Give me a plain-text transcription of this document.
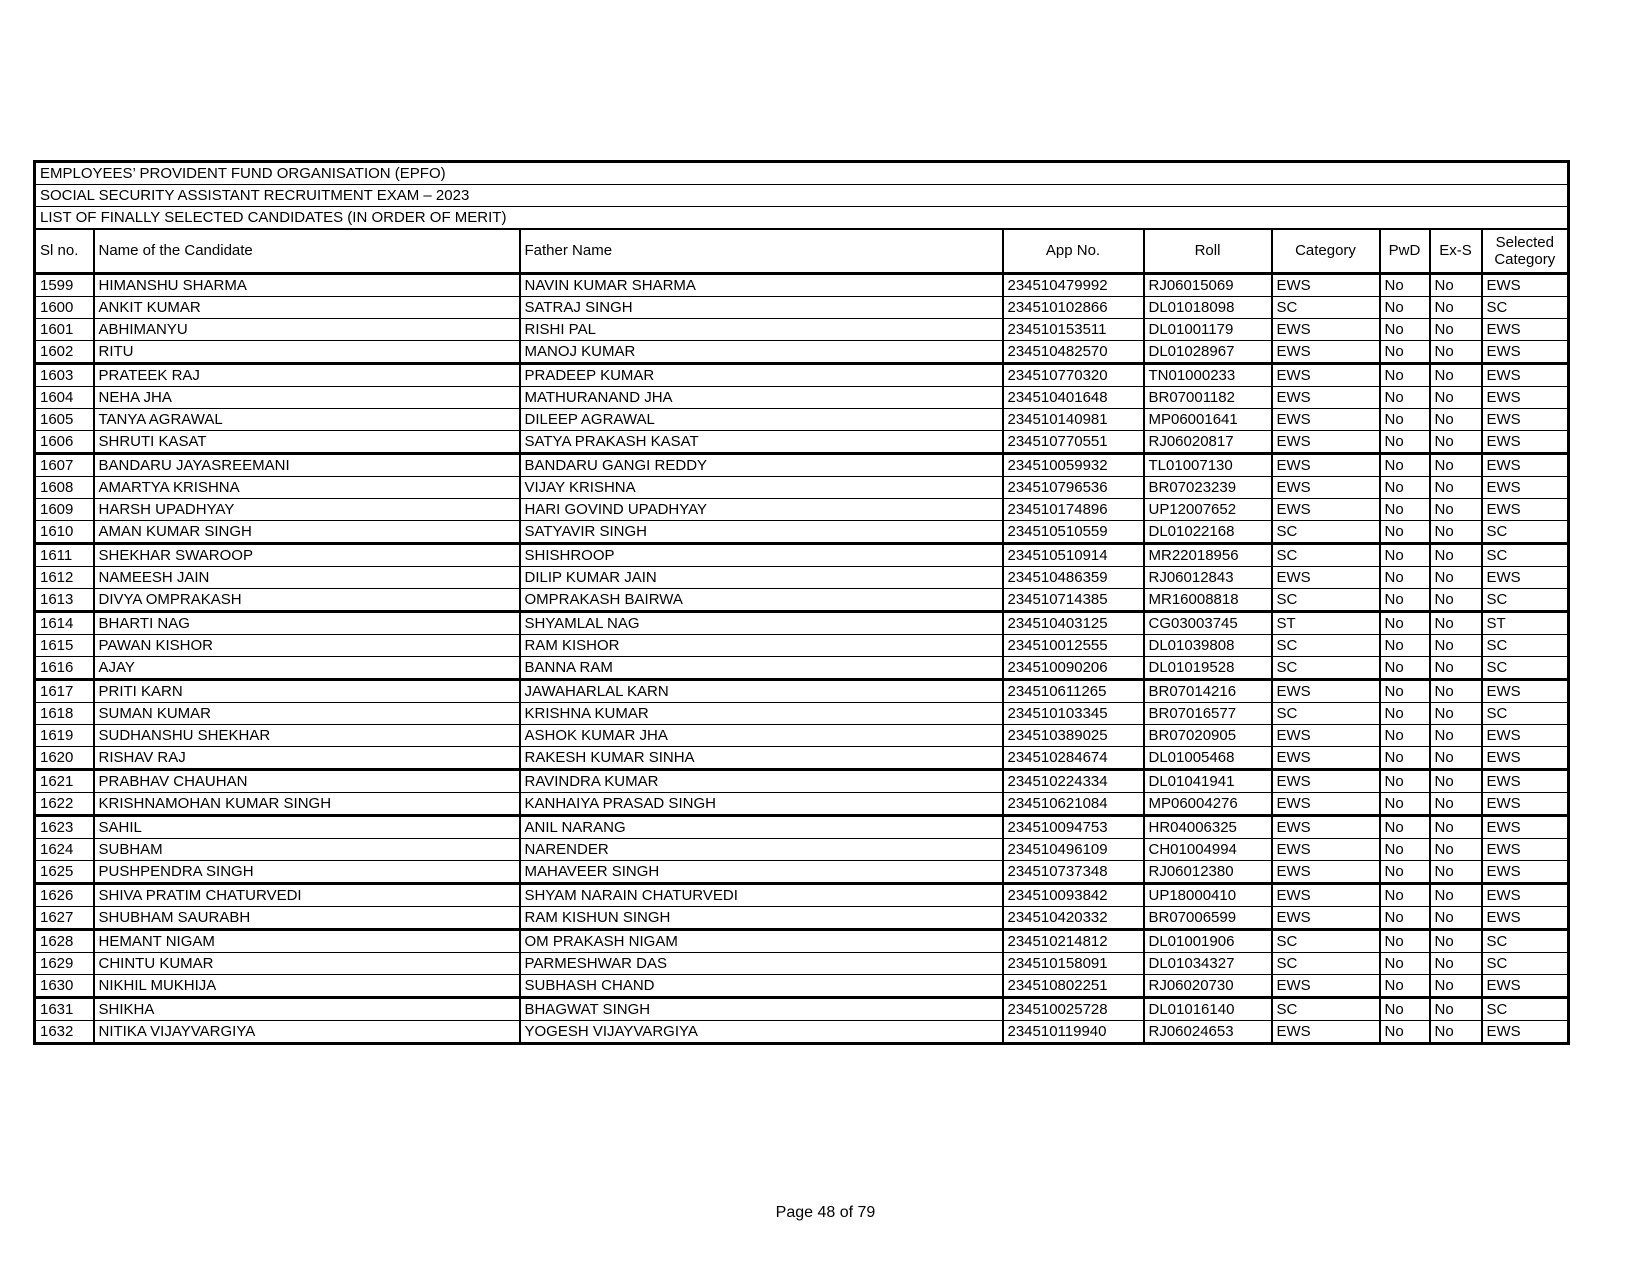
EMPLOYEES’ PROVIDENT FUND ORGANISATION (EPFO)								
SOCIAL SECURITY ASSISTANT RECRUITMENT EXAM – 2023								
LIST OF FINALLY SELECTED CANDIDATES (IN ORDER OF MERIT)								
Sl no.	Name of the Candidate	Father Name	App No.	Roll	Category	PwD	Ex-S	Selected Category
1599	HIMANSHU SHARMA	NAVIN KUMAR SHARMA	234510479992	RJ06015069	EWS	No	No	EWS
1600	ANKIT KUMAR	SATRAJ SINGH	234510102866	DL01018098	SC	No	No	SC
1601	ABHIMANYU	RISHI PAL	234510153511	DL01001179	EWS	No	No	EWS
1602	RITU	MANOJ KUMAR	234510482570	DL01028967	EWS	No	No	EWS
1603	PRATEEK RAJ	PRADEEP KUMAR	234510770320	TN01000233	EWS	No	No	EWS
1604	NEHA JHA	MATHURANAND JHA	234510401648	BR07001182	EWS	No	No	EWS
1605	TANYA AGRAWAL	DILEEP AGRAWAL	234510140981	MP06001641	EWS	No	No	EWS
1606	SHRUTI KASAT	SATYA PRAKASH KASAT	234510770551	RJ06020817	EWS	No	No	EWS
1607	BANDARU JAYASREEMANI	BANDARU GANGI REDDY	234510059932	TL01007130	EWS	No	No	EWS
1608	AMARTYA KRISHNA	VIJAY KRISHNA	234510796536	BR07023239	EWS	No	No	EWS
1609	HARSH UPADHYAY	HARI GOVIND UPADHYAY	234510174896	UP12007652	EWS	No	No	EWS
1610	AMAN KUMAR SINGH	SATYAVIR SINGH	234510510559	DL01022168	SC	No	No	SC
1611	SHEKHAR SWAROOP	SHISHROOP	234510510914	MR22018956	SC	No	No	SC
1612	NAMEESH JAIN	DILIP KUMAR JAIN	234510486359	RJ06012843	EWS	No	No	EWS
1613	DIVYA OMPRAKASH	OMPRAKASH BAIRWA	234510714385	MR16008818	SC	No	No	SC
1614	BHARTI NAG	SHYAMLAL NAG	234510403125	CG03003745	ST	No	No	ST
1615	PAWAN KISHOR	RAM KISHOR	234510012555	DL01039808	SC	No	No	SC
1616	AJAY	BANNA RAM	234510090206	DL01019528	SC	No	No	SC
1617	PRITI KARN	JAWAHARLAL KARN	234510611265	BR07014216	EWS	No	No	EWS
1618	SUMAN KUMAR	KRISHNA KUMAR	234510103345	BR07016577	SC	No	No	SC
1619	SUDHANSHU SHEKHAR	ASHOK KUMAR JHA	234510389025	BR07020905	EWS	No	No	EWS
1620	RISHAV RAJ	RAKESH KUMAR SINHA	234510284674	DL01005468	EWS	No	No	EWS
1621	PRABHAV CHAUHAN	RAVINDRA KUMAR	234510224334	DL01041941	EWS	No	No	EWS
1622	KRISHNAMOHAN KUMAR SINGH	KANHAIYA PRASAD SINGH	234510621084	MP06004276	EWS	No	No	EWS
1623	SAHIL	ANIL NARANG	234510094753	HR04006325	EWS	No	No	EWS
1624	SUBHAM	NARENDER	234510496109	CH01004994	EWS	No	No	EWS
1625	PUSHPENDRA SINGH	MAHAVEER SINGH	234510737348	RJ06012380	EWS	No	No	EWS
1626	SHIVA PRATIM CHATURVEDI	SHYAM NARAIN CHATURVEDI	234510093842	UP18000410	EWS	No	No	EWS
1627	SHUBHAM SAURABH	RAM KISHUN SINGH	234510420332	BR07006599	EWS	No	No	EWS
1628	HEMANT NIGAM	OM PRAKASH NIGAM	234510214812	DL01001906	SC	No	No	SC
1629	CHINTU KUMAR	PARMESHWAR DAS	234510158091	DL01034327	SC	No	No	SC
1630	NIKHIL MUKHIJA	SUBHASH CHAND	234510802251	RJ06020730	EWS	No	No	EWS
1631	SHIKHA	BHAGWAT SINGH	234510025728	DL01016140	SC	No	No	SC
1632	NITIKA VIJAYVARGIYA	YOGESH VIJAYVARGIYA	234510119940	RJ06024653	EWS	No	No	EWS
Page 48 of 79
